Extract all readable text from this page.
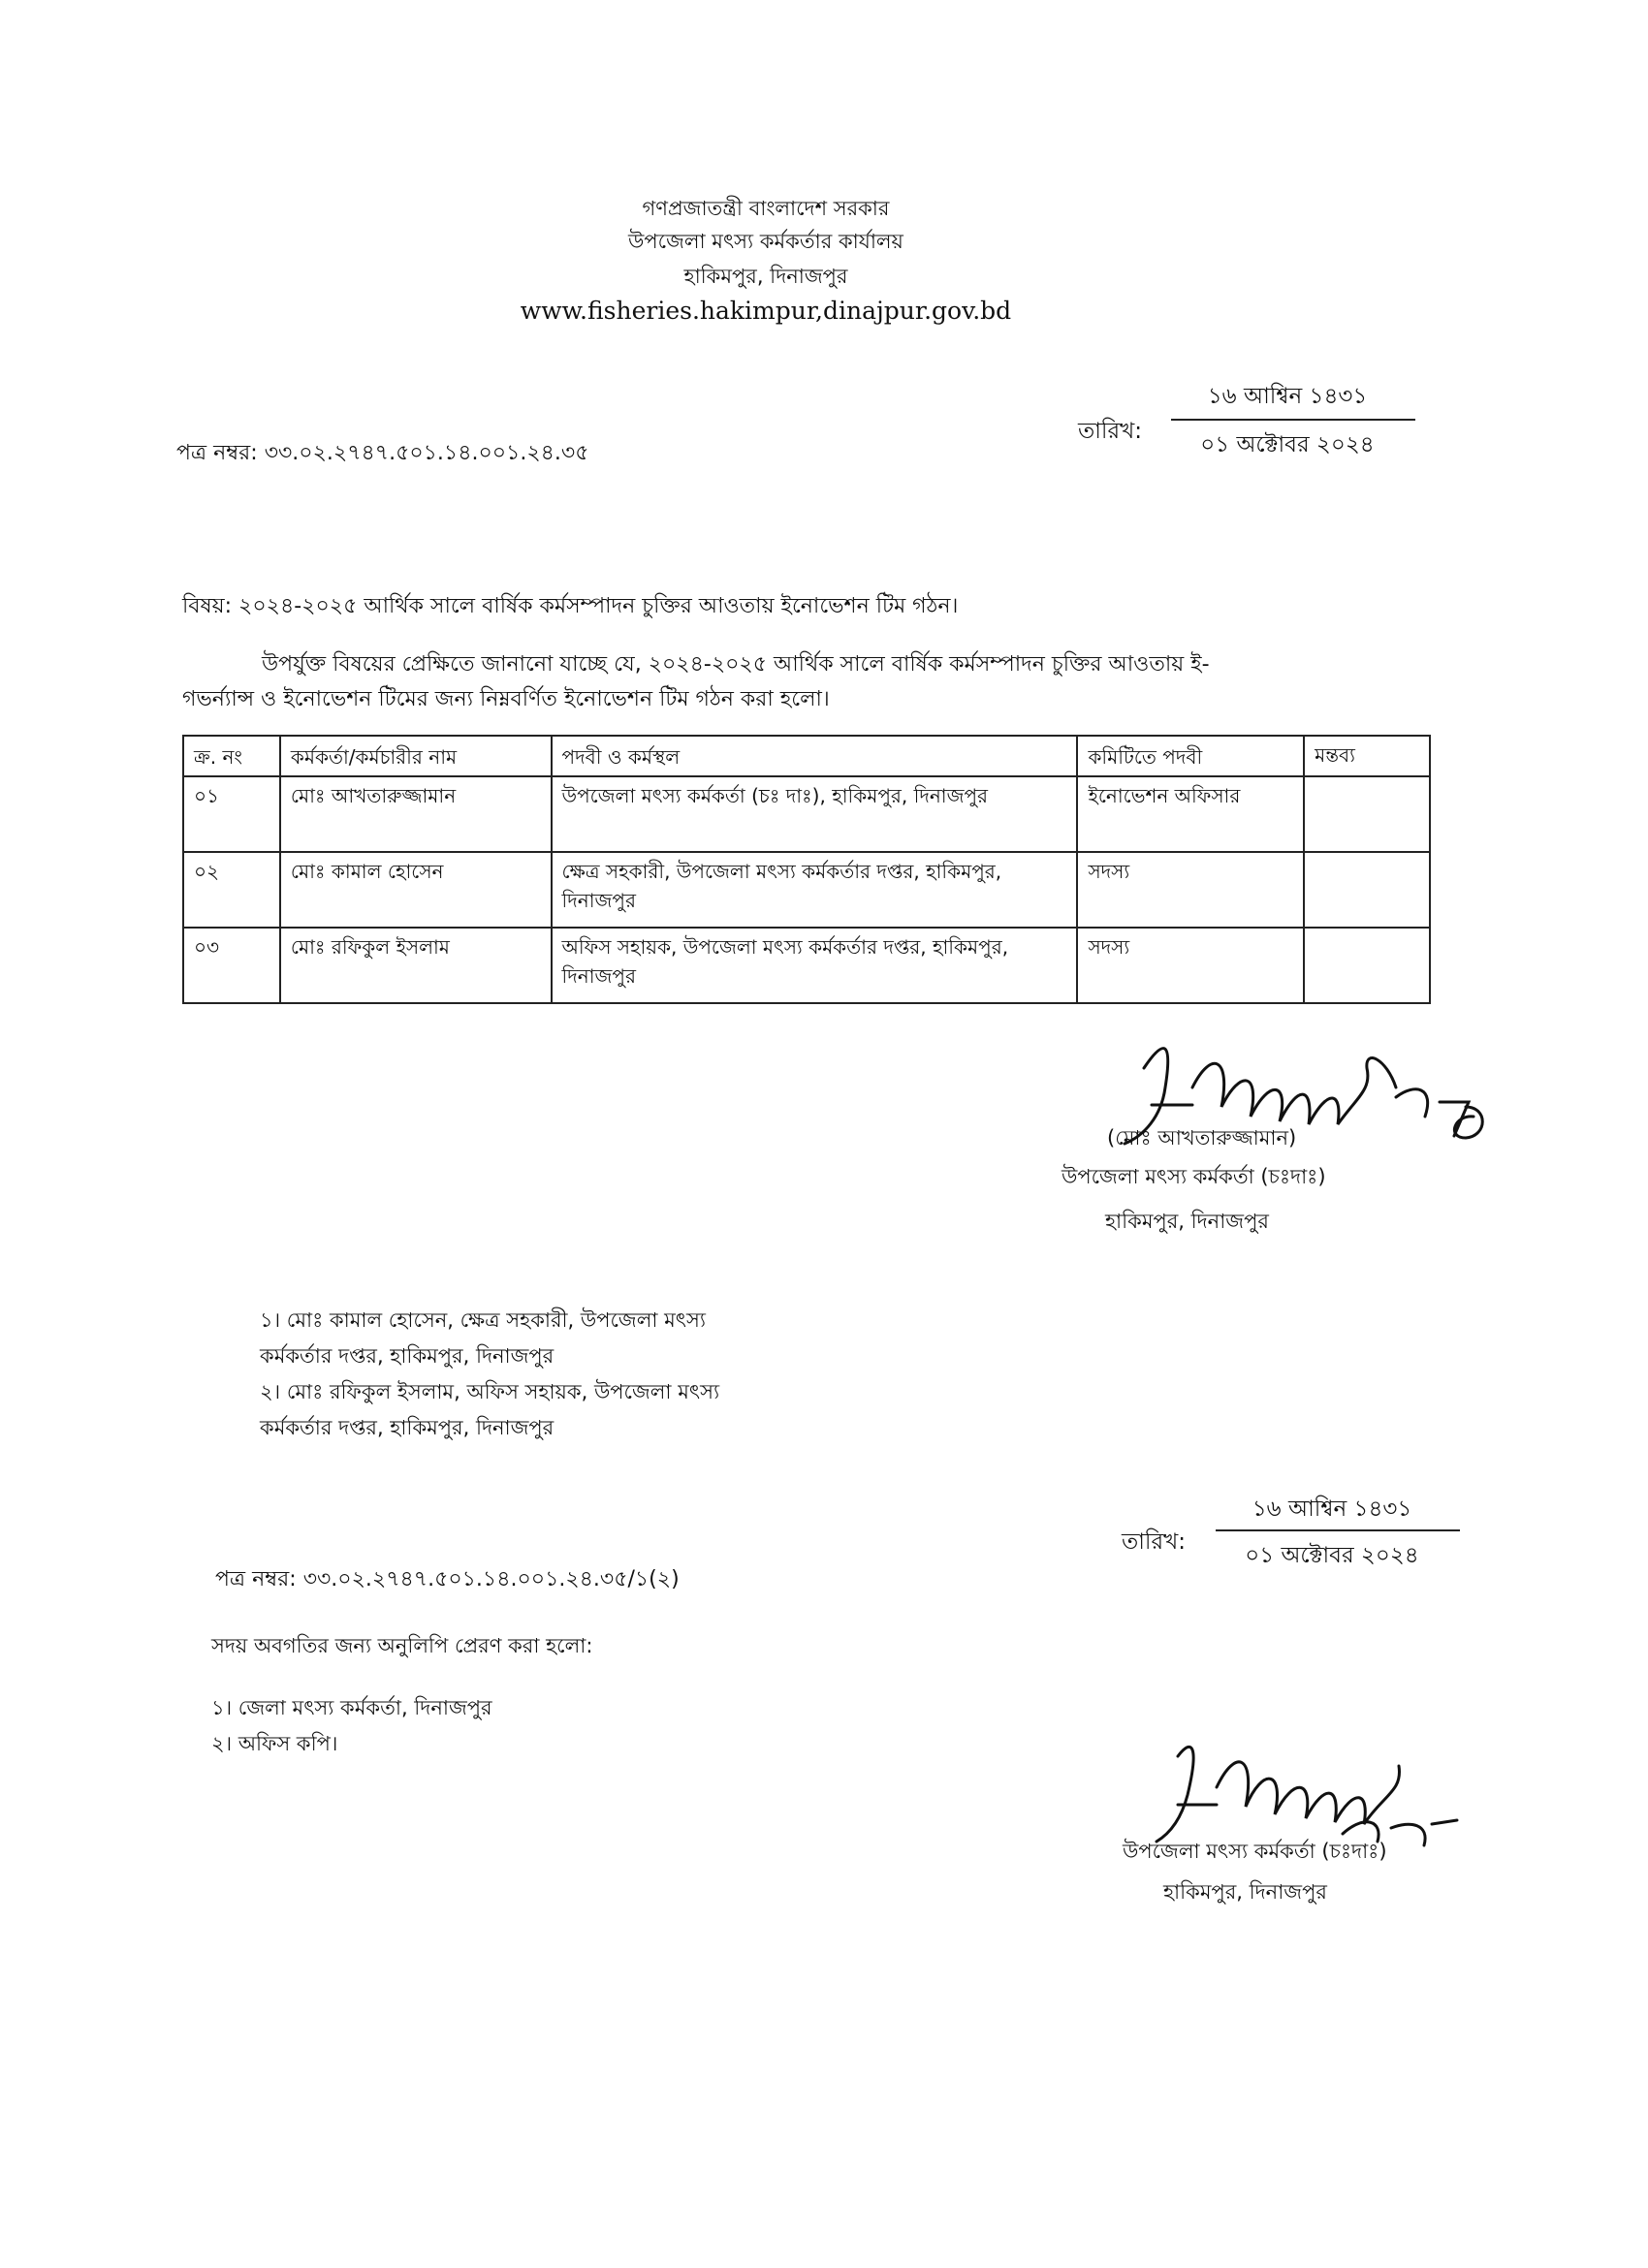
গণপ্রজাতন্ত্রী বাংলাদেশ সরকার
উপজেলা মৎস্য কর্মকর্তার কার্যালয়
হাকিমপুর, দিনাজপুর
www.fisheries.hakimpur,dinajpur.gov.bd
পত্র নম্বর: ৩৩.০২.২৭৪৭.৫০১.১৪.০০১.২৪.৩৫
১৬ আশ্বিন ১৪৩১
০১ অক্টোবর ২০২৪
তারিখ:
বিষয়: ২০২৪-২০২৫ আর্থিক সালে বার্ষিক কর্মসম্পাদন চুক্তির আওতায় ইনোভেশন টিম গঠন।
উপর্যুক্ত বিষয়ের প্রেক্ষিতে জানানো যাচ্ছে যে, ২০২৪-২০২৫ আর্থিক সালে বার্ষিক কর্মসম্পাদন চুক্তির আওতায় ই-
গভর্ন্যান্স ও ইনোভেশন টিমের জন্য নিম্নবর্ণিত ইনোভেশন টিম গঠন করা হলো।
ক্র. নং	কর্মকর্তা/কর্মচারীর নাম	পদবী ও কর্মস্থল	কমিটিতে পদবী	মন্তব্য
০১	মোঃ আখতারুজ্জামান	উপজেলা মৎস্য কর্মকর্তা (চঃ দাঃ), হাকিমপুর, দিনাজপুর	ইনোভেশন অফিসার	
০২	মোঃ কামাল হোসেন	ক্ষেত্র সহকারী, উপজেলা মৎস্য কর্মকর্তার দপ্তর, হাকিমপুর, দিনাজপুর	সদস্য	
০৩	মোঃ রফিকুল ইসলাম	অফিস সহায়ক, উপজেলা মৎস্য কর্মকর্তার দপ্তর, হাকিমপুর, দিনাজপুর	সদস্য	
(মোঃ আখতারুজ্জামান)
উপজেলা মৎস্য কর্মকর্তা (চঃদাঃ)
হাকিমপুর, দিনাজপুর
১। মোঃ কামাল হোসেন, ক্ষেত্র সহকারী, উপজেলা মৎস্য
কর্মকর্তার দপ্তর, হাকিমপুর, দিনাজপুর
২। মোঃ রফিকুল ইসলাম, অফিস সহায়ক, উপজেলা মৎস্য
কর্মকর্তার দপ্তর, হাকিমপুর, দিনাজপুর
১৬ আশ্বিন ১৪৩১
০১ অক্টোবর ২০২৪
তারিখ:
পত্র নম্বর: ৩৩.০২.২৭৪৭.৫০১.১৪.০০১.২৪.৩৫/১(২)
সদয় অবগতির জন্য অনুলিপি প্রেরণ করা হলো:
১। জেলা মৎস্য কর্মকর্তা, দিনাজপুর
২। অফিস কপি।
উপজেলা মৎস্য কর্মকর্তা (চঃদাঃ)
হাকিমপুর, দিনাজপুর
